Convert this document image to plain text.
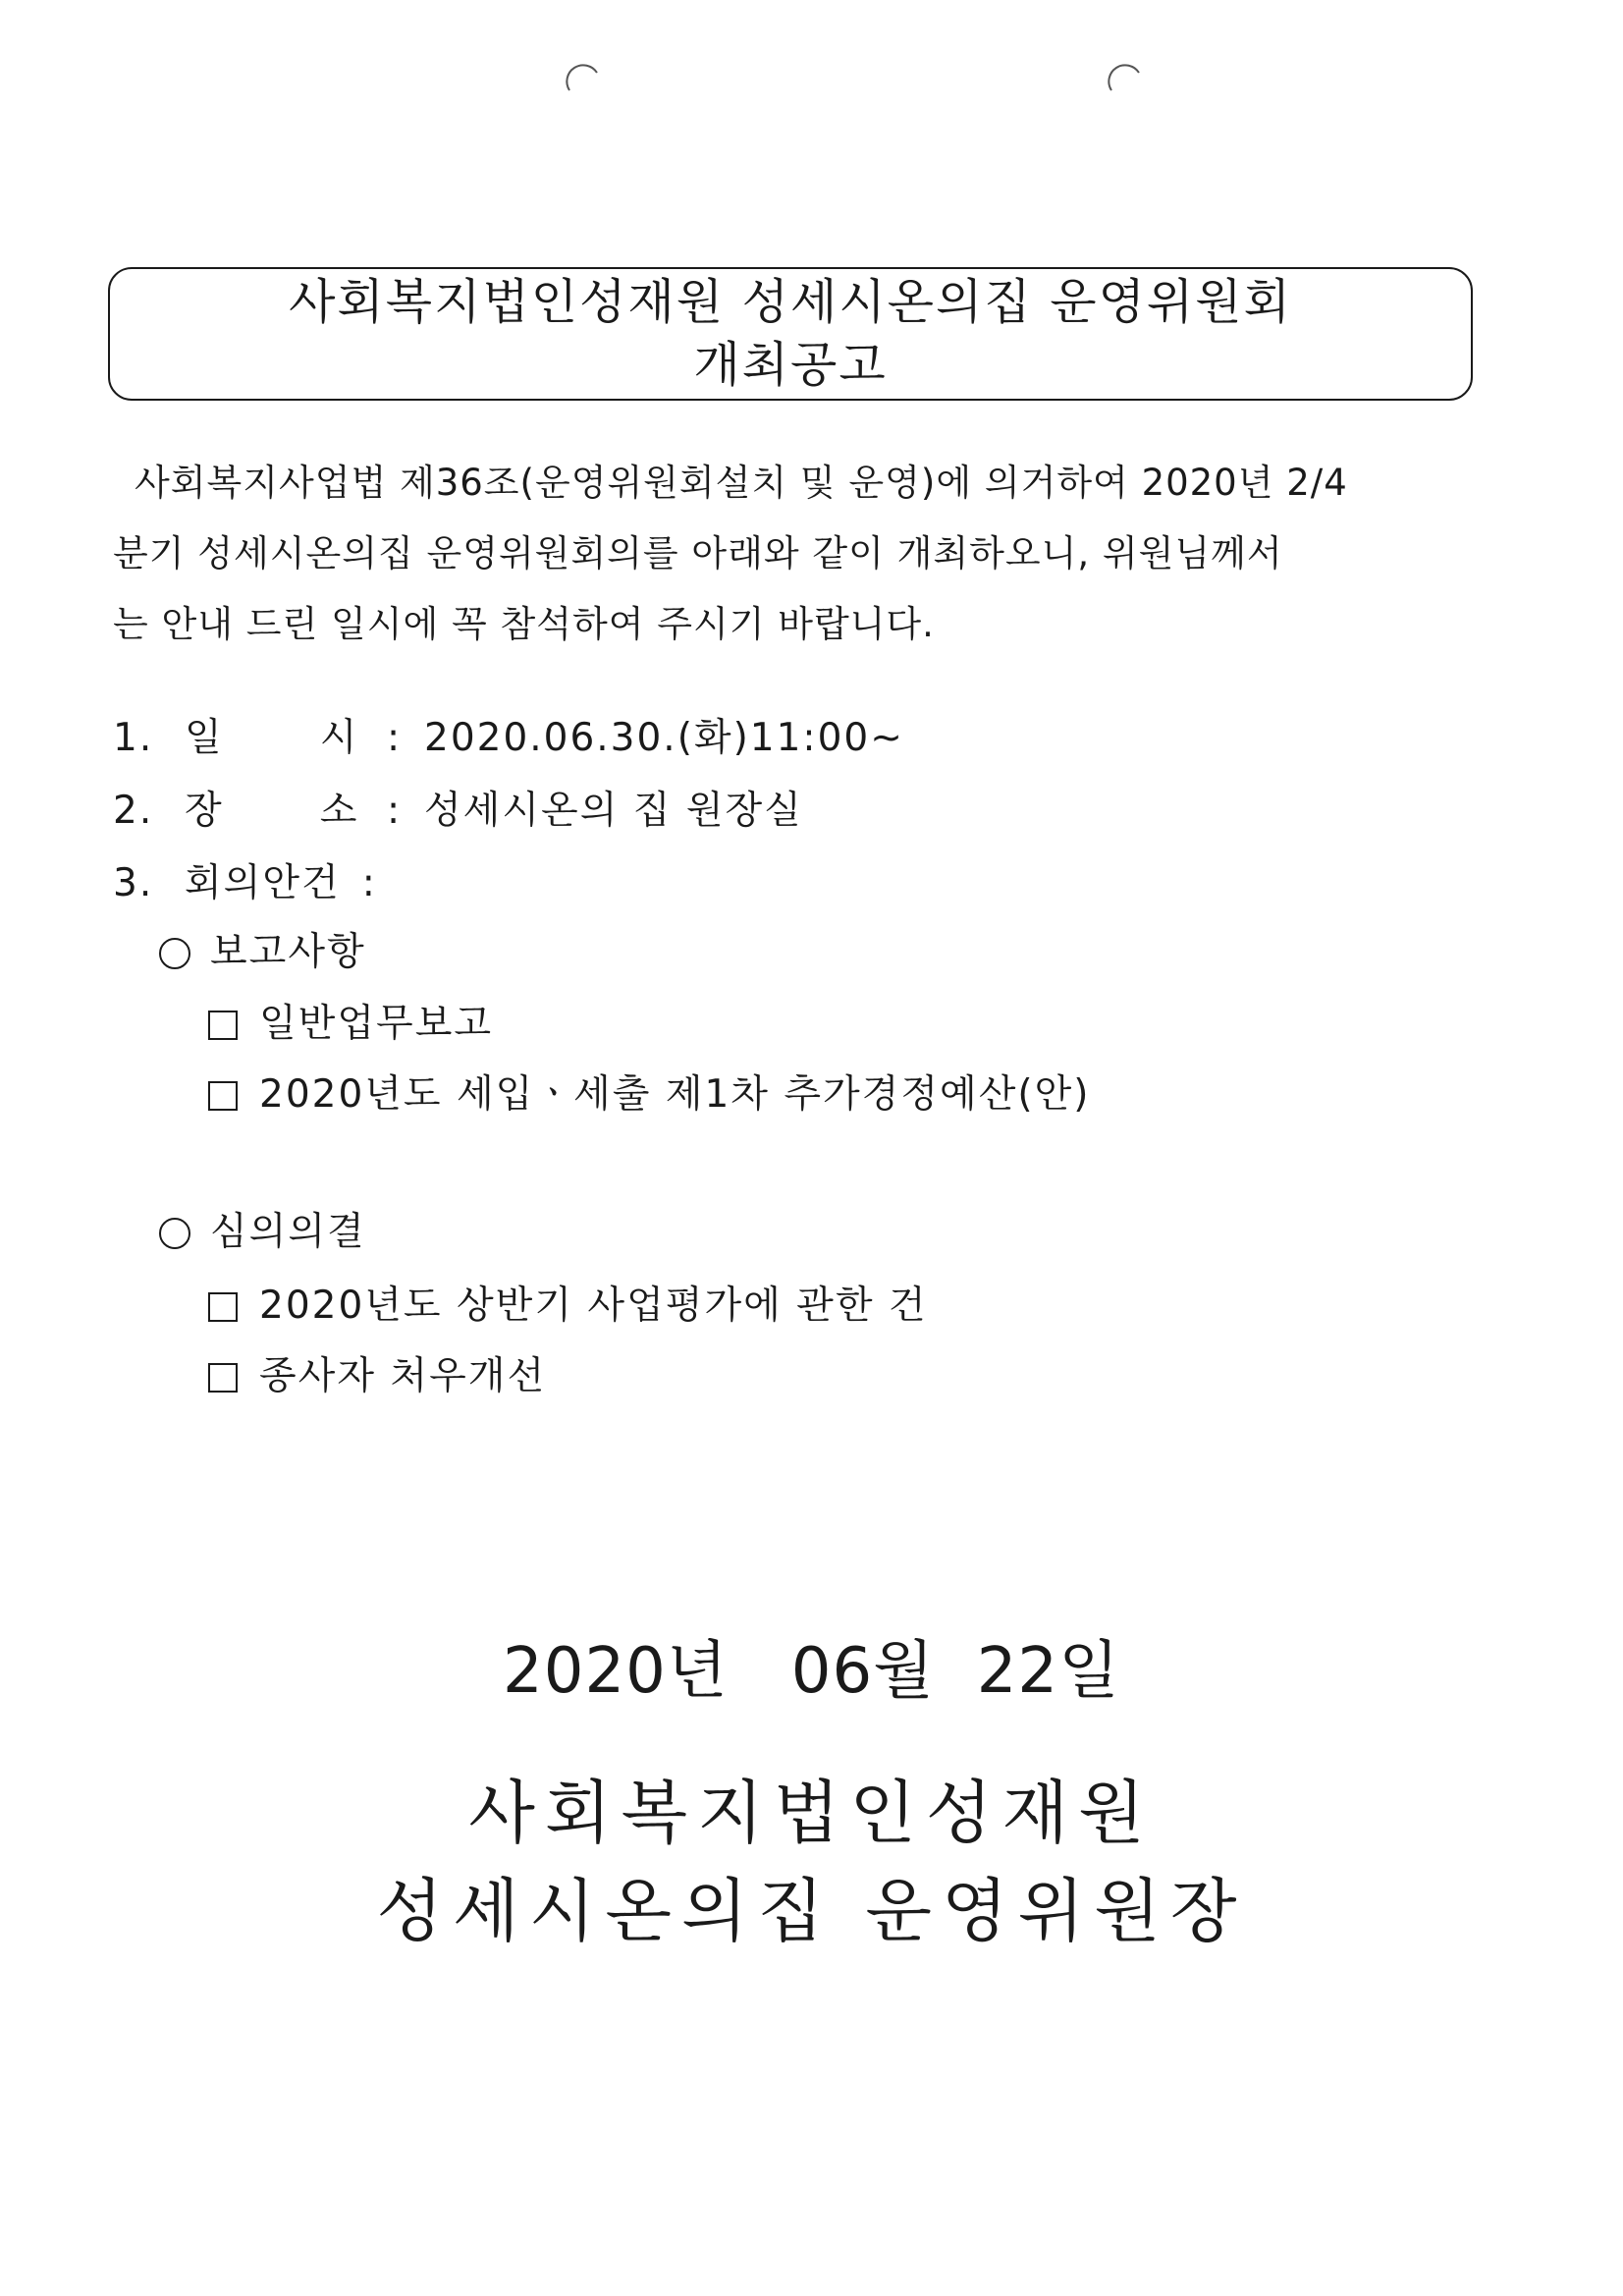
사회복지법인성재원 성세시온의집 운영위원회
개최공고

사회복지사업법 제36조(운영위원회설치 및 운영)에 의거하여 2020년 2/4

분기 성세시온의집 운영위원회의를 아래와 같이 개최하오니, 위원님께서

는 안내 드린 일시에 꼭 참석하여 주시기 바랍니다.

1. 일	시 : 2020.06.30.(화)11:00~
2. 장	소 : 성세시온의 집 원장실
3. 회의안건 :
보고사항
일반업무보고
2020년도 세입ㆍ세출 제1차 추가경정예산(안)
심의의결
2020년도 상반기 사업평가에 관한 건
종사자 처우개선
2020년   06월  22일
사회복지법인성재원
성세시온의집 운영위원장
